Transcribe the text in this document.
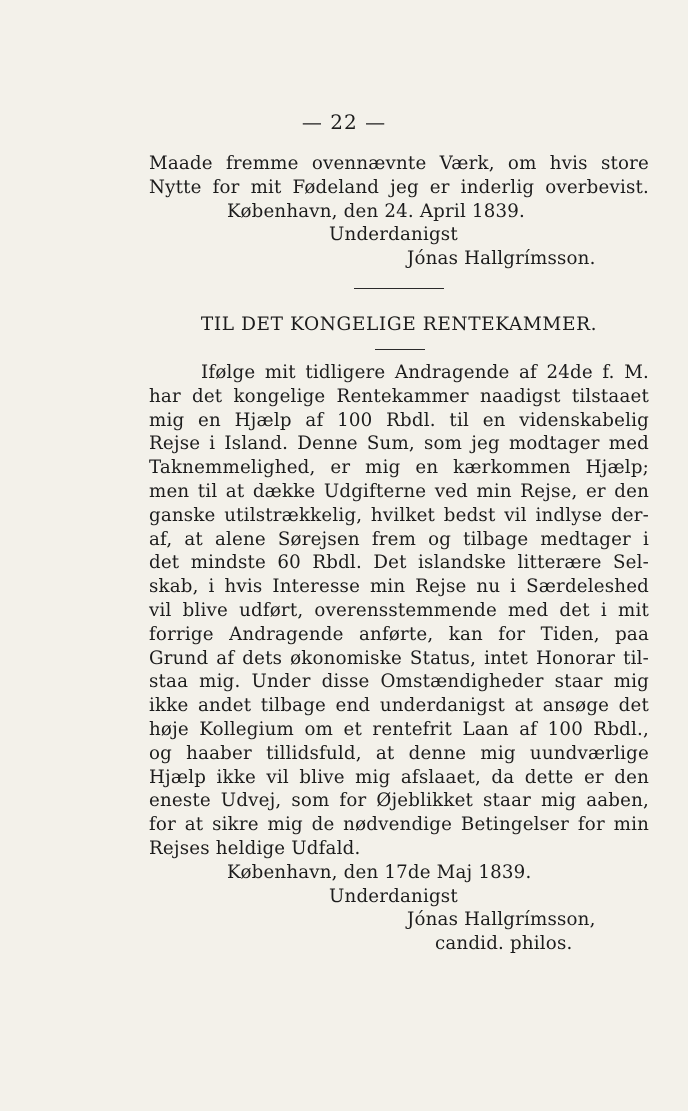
— 22 —
Maade fremme ovennævnte Værk, om hvis store
Nytte for mit Fødeland jeg er inderlig overbevist.
København, den 24. April 1839.
Underdanigst
Jónas Hallgrímsson.
TIL DET KONGELIGE RENTEKAMMER.
Ifølge mit tidligere Andragende af 24de f. M.
har det kongelige Rentekammer naadigst tilstaaet
mig en Hjælp af 100 Rbdl. til en videnskabelig
Rejse i Island. Denne Sum, som jeg modtager med
Taknemmelighed, er mig en kærkommen Hjælp;
men til at dække Udgifterne ved min Rejse, er den
ganske utilstrækkelig, hvilket bedst vil indlyse der-
af, at alene Sørejsen frem og tilbage medtager i
det mindste 60 Rbdl. Det islandske litterære Sel-
skab, i hvis Interesse min Rejse nu i Særdeleshed
vil blive udført, overensstemmende med det i mit
forrige Andragende anførte, kan for Tiden, paa
Grund af dets økonomiske Status, intet Honorar til-
staa mig. Under disse Omstændigheder staar mig
ikke andet tilbage end underdanigst at ansøge det
høje Kollegium om et rentefrit Laan af 100 Rbdl.,
og haaber tillidsfuld, at denne mig uundværlige
Hjælp ikke vil blive mig afslaaet, da dette er den
eneste Udvej, som for Øjeblikket staar mig aaben,
for at sikre mig de nødvendige Betingelser for min
Rejses heldige Udfald.
København, den 17de Maj 1839.
Underdanigst
Jónas Hallgrímsson,
candid. philos.
